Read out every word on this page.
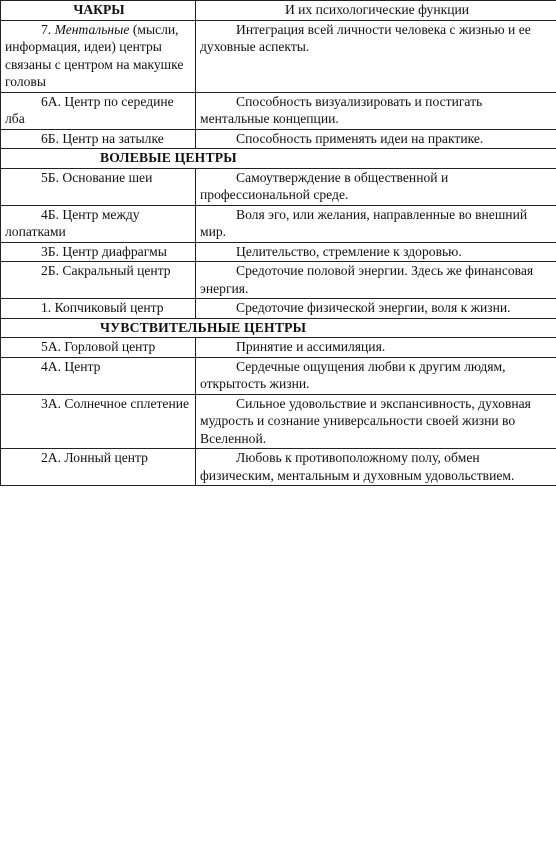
ЧАКРЫ	И их психологические функции
7. Ментальные (мысли, информация, идеи) центры связаны с центром на макушке головы	Интеграция всей личности человека с жизнью и ее духовные аспекты.
6А. Центр по середине лба	Способность визуализировать и постигать ментальные концепции.
6Б. Центр на затылке	Способность применять идеи на практике.

ВОЛЕВЫЕ ЦЕНТРЫ	

5Б. Основание шеи	Самоутверждение в общественной и профессиональной среде.
4Б. Центр между лопатками	Воля эго, или желания, направленные во внешний мир.
3Б. Центр диафрагмы	Целительство, стремление к здоровью.
2Б. Сакральный центр	Средоточие половой энергии. Здесь же финансовая энергия.
1. Копчиковый центр	Средоточие физической энергии, воля к жизни.

ЧУВСТВИТЕЛЬНЫЕ ЦЕНТРЫ	

5А. Горловой центр	Принятие и ассимиляция.
4А. Центр	Сердечные ощущения любви к другим людям, открытость жизни.
3А. Солнечное сплетение	Сильное удовольствие и экспансивность, духовная мудрость и сознание универсальности своей жизни во Вселенной.
2А. Лонный центр	Любовь к противоположному полу, обмен физическим, ментальным и духовным удовольствием.
